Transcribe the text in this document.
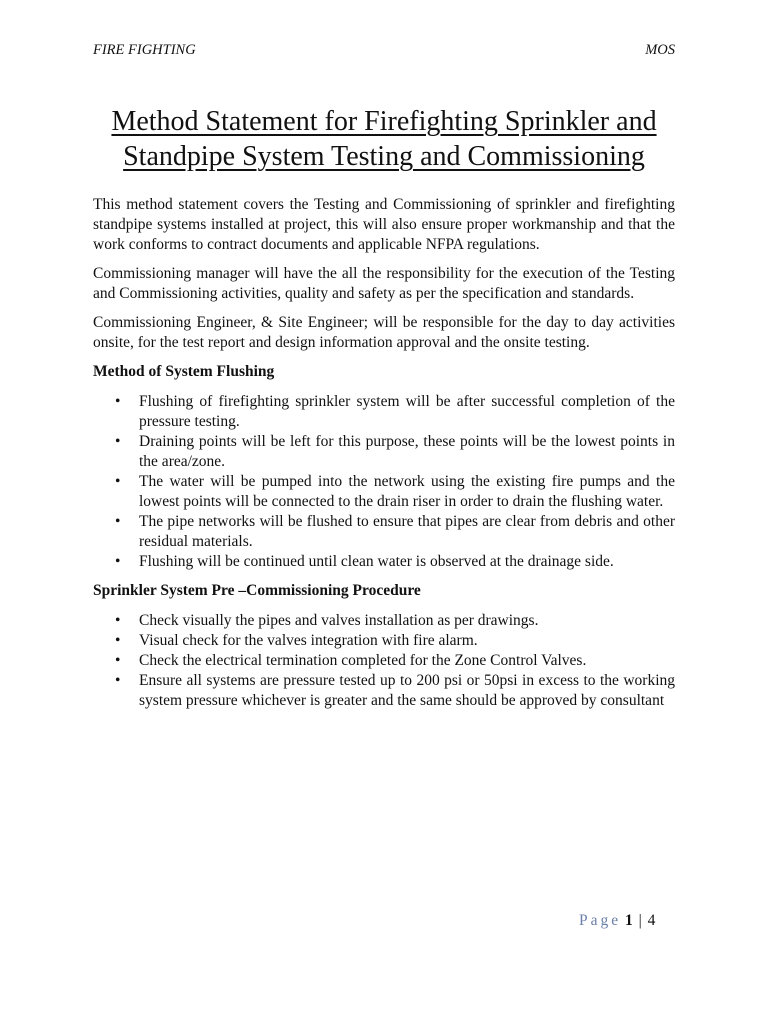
FIRE FIGHTING	MOS
Method Statement for Firefighting Sprinkler and
Standpipe System Testing and Commissioning

This method statement covers the Testing and Commissioning of sprinkler and firefighting standpipe systems installed at project, this will also ensure proper workmanship and that the work conforms to contract documents and applicable NFPA regulations.

Commissioning manager will have the all the responsibility for the execution of the Testing and Commissioning activities, quality and safety as per the specification and standards.

Commissioning Engineer, & Site Engineer; will be responsible for the day to day activities onsite, for the test report and design information approval and the onsite testing.

Method of System Flushing
• Flushing of firefighting sprinkler system will be after successful completion of the pressure testing.
• Draining points will be left for this purpose, these points will be the lowest points in the area/zone.
• The water will be pumped into the network using the existing fire pumps and the lowest points will be connected to the drain riser in order to drain the flushing water.
• The pipe networks will be flushed to ensure that pipes are clear from debris and other residual materials.
• Flushing will be continued until clean water is observed at the drainage side.
Sprinkler System Pre –Commissioning Procedure
• Check visually the pipes and valves installation as per drawings.
• Visual check for the valves integration with fire alarm.
• Check the electrical termination completed for the Zone Control Valves.
• Ensure all systems are pressure tested up to 200 psi or 50psi in excess to the working system pressure whichever is greater and the same should be approved by consultant
Page 1 | 4
